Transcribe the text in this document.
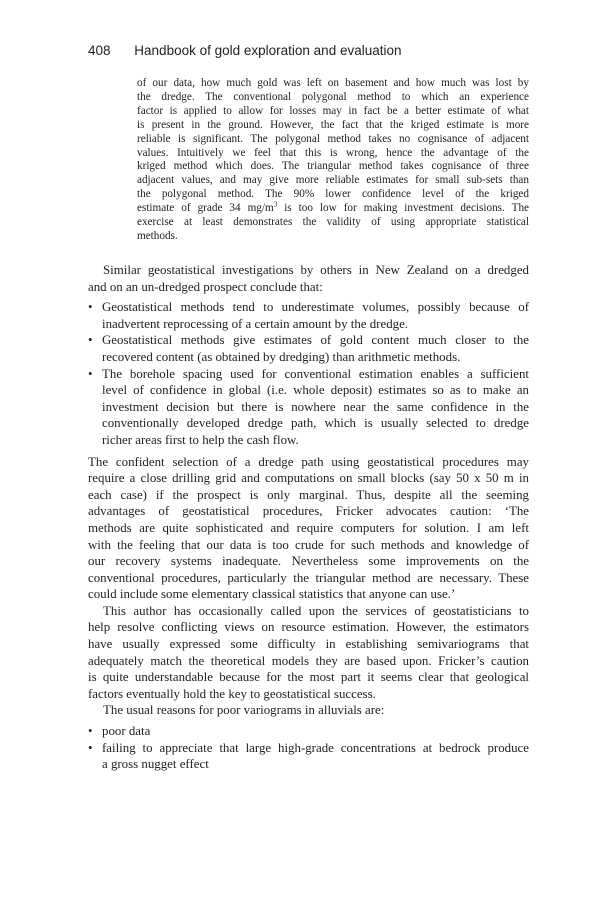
408 Handbook of gold exploration and evaluation
of our data, how much gold was left on basement and how much was lost by
the dredge. The conventional polygonal method to which an experience
factor is applied to allow for losses may in fact be a better estimate of what
is present in the ground. However, the fact that the kriged estimate is more
reliable is significant. The polygonal method takes no cognisance of adjacent
values. Intuitively we feel that this is wrong, hence the advantage of the
kriged method which does. The triangular method takes cognisance of three
adjacent values, and may give more reliable estimates for small sub-sets than
the polygonal method. The 90% lower confidence level of the kriged
estimate of grade 34 $mg/m^3$ is too low for making investment decisions. The
exercise at least demonstrates the validity of using appropriate statistical
methods.
Similar geostatistical investigations by others in New Zealand on a dredged
and on an un-dredged prospect conclude that:
• Geostatistical methods tend to underestimate volumes, possibly because of
inadvertent reprocessing of a certain amount by the dredge.
• Geostatistical methods give estimates of gold content much closer to the
recovered content (as obtained by dredging) than arithmetic methods.
• The borehole spacing used for conventional estimation enables a sufficient
level of confidence in global (i.e. whole deposit) estimates so as to make an
investment decision but there is nowhere near the same confidence in the
conventionally developed dredge path, which is usually selected to dredge
richer areas first to help the cash flow.
The confident selection of a dredge path using geostatistical procedures may
require a close drilling grid and computations on small blocks (say 50 x 50 m in
each case) if the prospect is only marginal. Thus, despite all the seeming
advantages of geostatistical procedures, Fricker advocates caution: ‘The
methods are quite sophisticated and require computers for solution. I am left
with the feeling that our data is too crude for such methods and knowledge of
our recovery systems inadequate. Nevertheless some improvements on the
conventional procedures, particularly the triangular method are necessary. These
could include some elementary classical statistics that anyone can use.’
This author has occasionally called upon the services of geostatisticians to
help resolve conflicting views on resource estimation. However, the estimators
have usually expressed some difficulty in establishing semivariograms that
adequately match the theoretical models they are based upon. Fricker’s caution
is quite understandable because for the most part it seems clear that geological
factors eventually hold the key to geostatistical success.
The usual reasons for poor variograms in alluvials are:
• poor data
• failing to appreciate that large high-grade concentrations at bedrock produce
a gross nugget effect
